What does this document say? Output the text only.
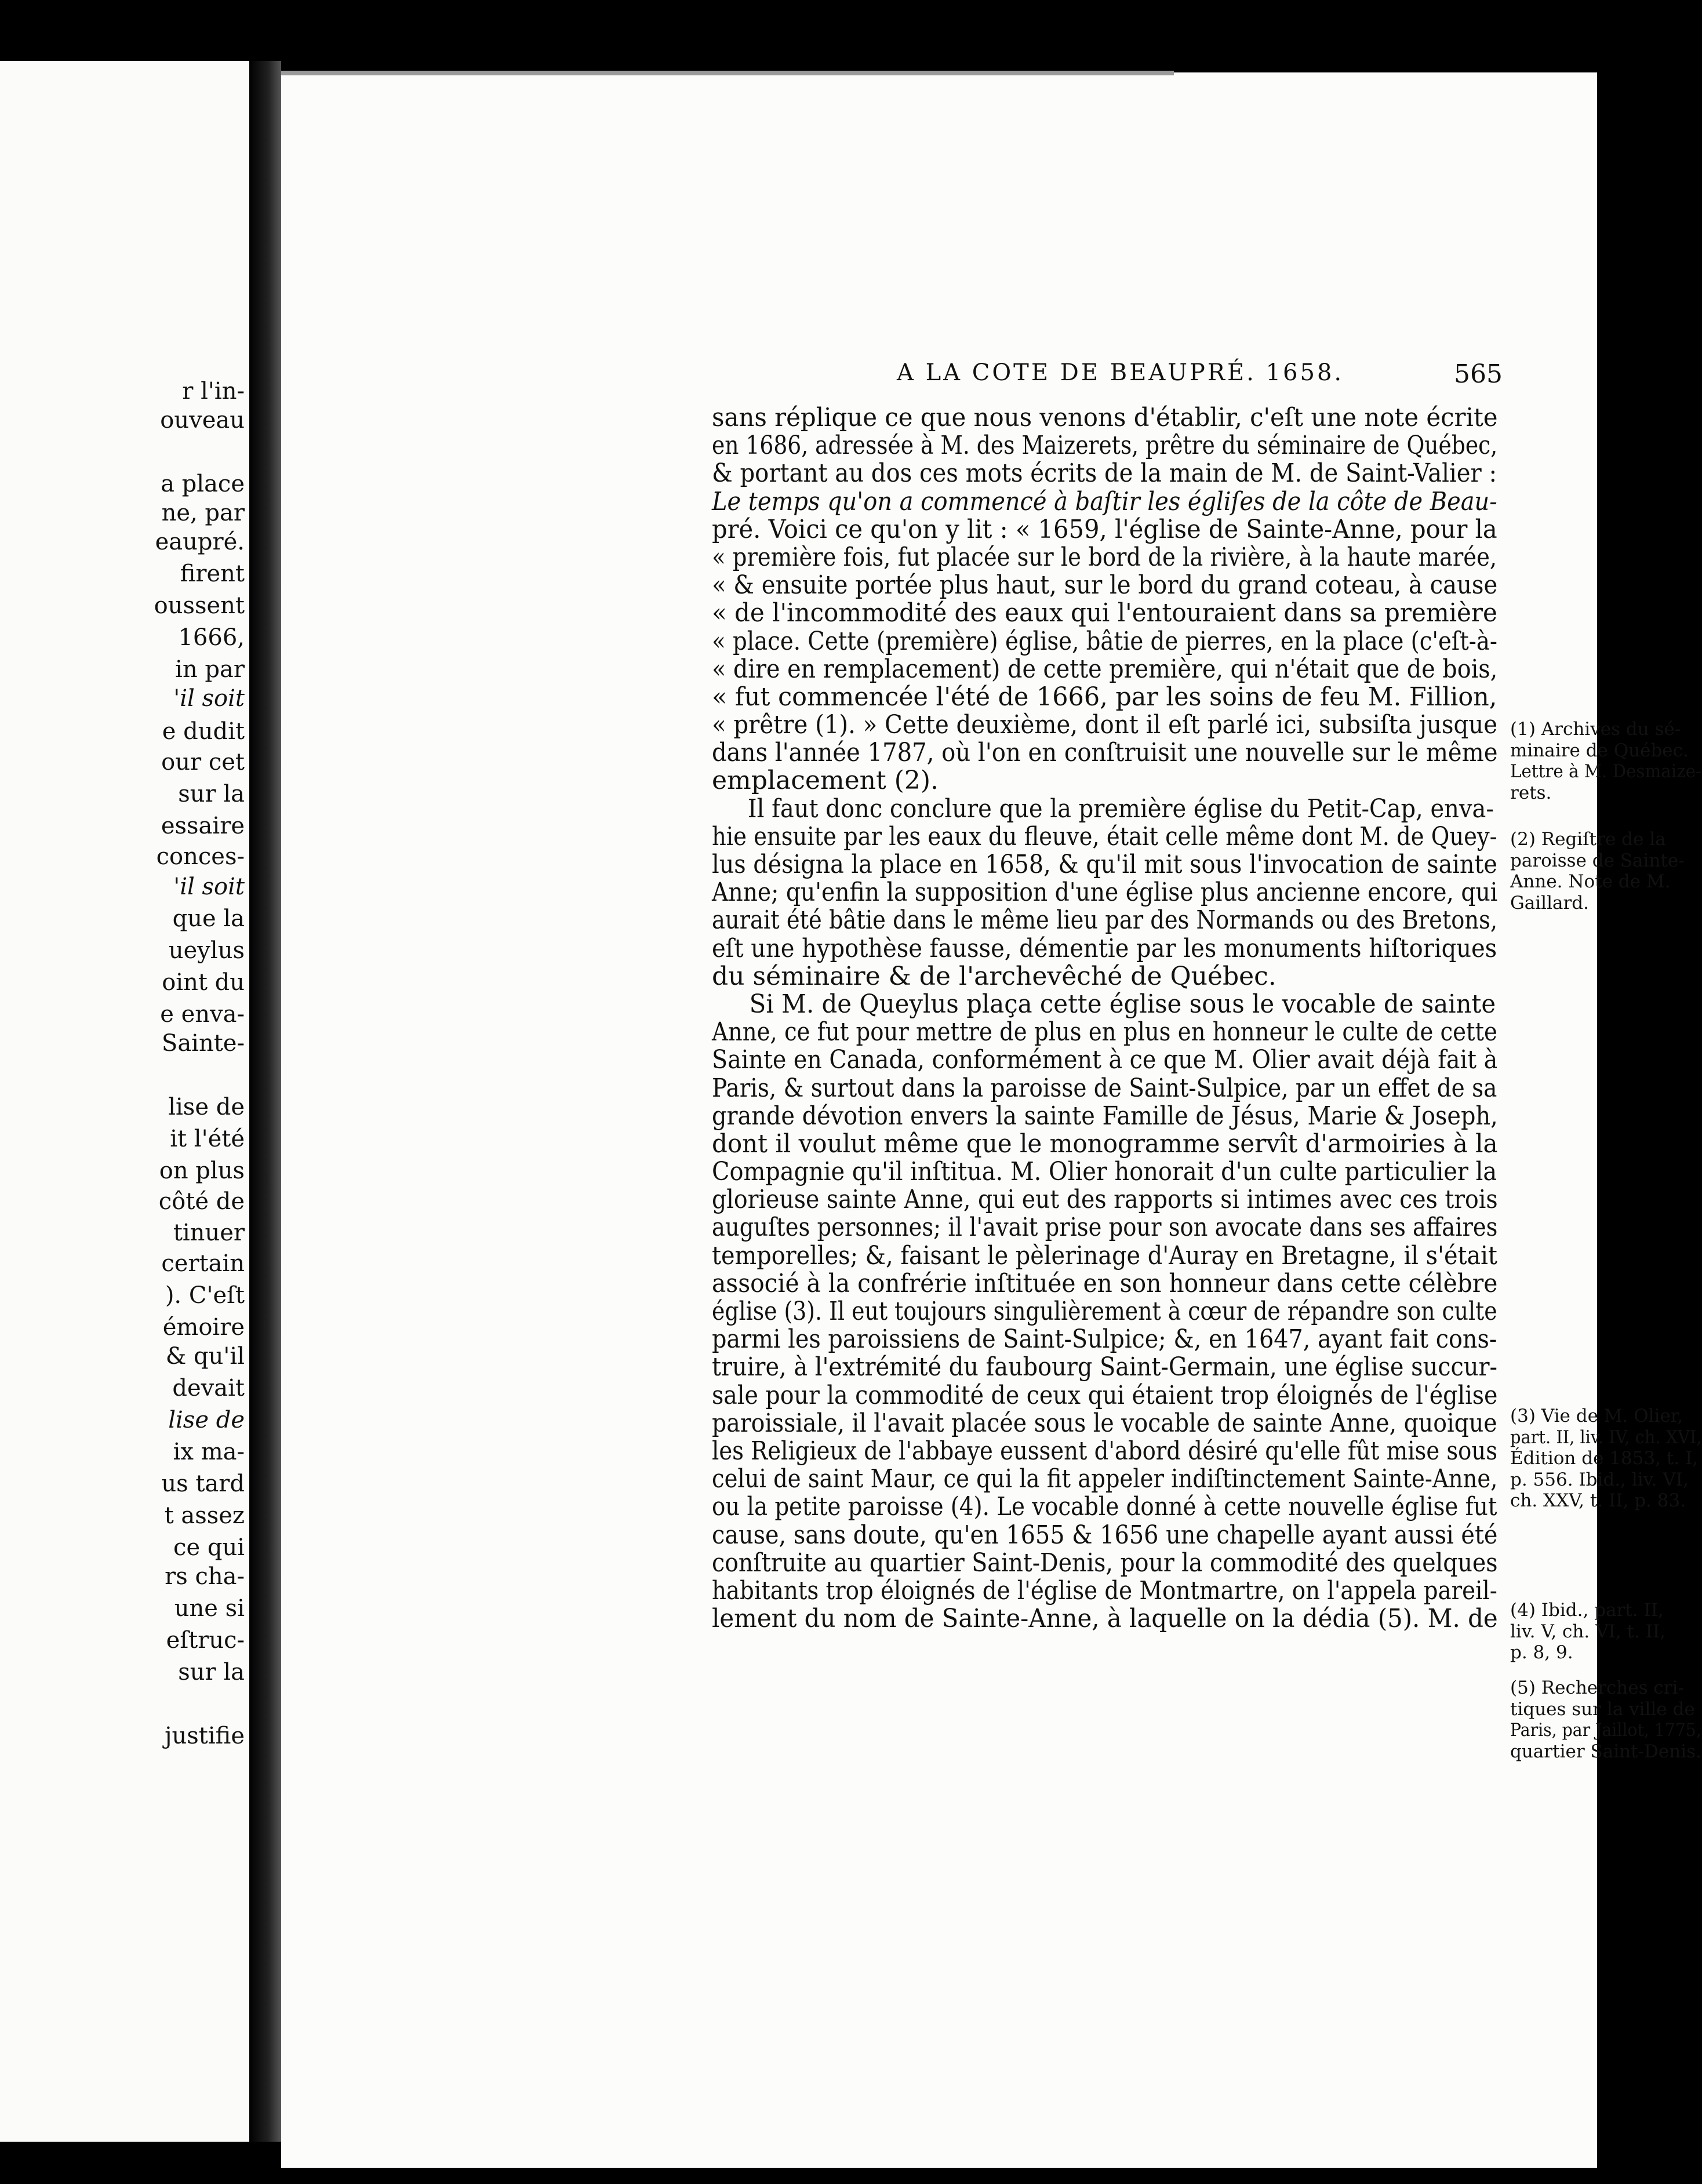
r l'in-
ouveau
a place
ne, par
eaupré.
firent
oussent
1666,
in par
'il soit
e dudit
our cet
sur la
essaire
conces-
'il soit
que la
ueylus
oint du
e enva-
Sainte-
lise de
it l'été
on plus
côté de
tinuer
certain
). C'eſt
émoire
& qu'il
devait
lise de
ix ma-
us tard
t assez
ce qui
rs cha-
une si
eſtruc-
sur la
justifie
A LA COTE DE BEAUPRÉ. 1658.	565
sans réplique ce que nous venons d'établir, c'eſt une note écrite
en 1686, adressée à M. des Maizerets, prêtre du séminaire de Québec,
& portant au dos ces mots écrits de la main de M. de Saint-Valier :
Le temps qu'on a commencé à baſtir les égliſes de la côte de Beau-
pré. Voici ce qu'on y lit : « 1659, l'église de Sainte-Anne, pour la
« première fois, fut placée sur le bord de la rivière, à la haute marée,
« & ensuite portée plus haut, sur le bord du grand coteau, à cause
« de l'incommodité des eaux qui l'entouraient dans sa première
« place. Cette (première) église, bâtie de pierres, en la place (c'eſt-à-
« dire en remplacement) de cette première, qui n'était que de bois,
« fut commencée l'été de 1666, par les soins de feu M. Fillion,
« prêtre (1). » Cette deuxième, dont il eſt parlé ici, subsiſta jusque
dans l'année 1787, où l'on en conſtruisit une nouvelle sur le même
emplacement (2).
Il faut donc conclure que la première église du Petit-Cap, enva-
hie ensuite par les eaux du fleuve, était celle même dont M. de Quey-
lus désigna la place en 1658, & qu'il mit sous l'invocation de sainte
Anne; qu'enfin la supposition d'une église plus ancienne encore, qui
aurait été bâtie dans le même lieu par des Normands ou des Bretons,
eſt une hypothèse fausse, démentie par les monuments hiſtoriques
du séminaire & de l'archevêché de Québec.
Si M. de Queylus plaça cette église sous le vocable de sainte
Anne, ce fut pour mettre de plus en plus en honneur le culte de cette
Sainte en Canada, conformément à ce que M. Olier avait déjà fait à
Paris, & surtout dans la paroisse de Saint-Sulpice, par un effet de sa
grande dévotion envers la sainte Famille de Jésus, Marie & Joseph,
dont il voulut même que le monogramme servît d'armoiries à la
Compagnie qu'il inſtitua. M. Olier honorait d'un culte particulier la
glorieuse sainte Anne, qui eut des rapports si intimes avec ces trois
auguſtes personnes; il l'avait prise pour son avocate dans ses affaires
temporelles; &, faisant le pèlerinage d'Auray en Bretagne, il s'était
associé à la confrérie inſtituée en son honneur dans cette célèbre
église (3). Il eut toujours singulièrement à cœur de répandre son culte
parmi les paroissiens de Saint-Sulpice; &, en 1647, ayant fait cons-
truire, à l'extrémité du faubourg Saint-Germain, une église succur-
sale pour la commodité de ceux qui étaient trop éloignés de l'église
paroissiale, il l'avait placée sous le vocable de sainte Anne, quoique
les Religieux de l'abbaye eussent d'abord désiré qu'elle fût mise sous
celui de saint Maur, ce qui la fit appeler indiſtinctement Sainte-Anne,
ou la petite paroisse (4). Le vocable donné à cette nouvelle église fut
cause, sans doute, qu'en 1655 & 1656 une chapelle ayant aussi été
conſtruite au quartier Saint-Denis, pour la commodité des quelques
habitants trop éloignés de l'église de Montmartre, on l'appela pareil-
lement du nom de Sainte-Anne, à laquelle on la dédia (5). M. de
(1) Archives du sé-
minaire de Québec.
Lettre à M. Desmaize-
rets.
(2) Regiſtre de la
paroisse de Sainte-
Anne. Note de M.
Gaillard.
(3) Vie de M. Olier,
part. II, liv. IV, ch. XVI,
Édition de 1853, t. I,
p. 556. Ibid., liv. VI,
ch. XXV, t. II, p. 83.
(4) Ibid., part. II,
liv. V, ch. VI, t. II,
p. 8, 9.
(5) Recherches cri-
tiques sur la ville de
Paris, par Jaillot, 1775,
quartier Saint-Denis.
